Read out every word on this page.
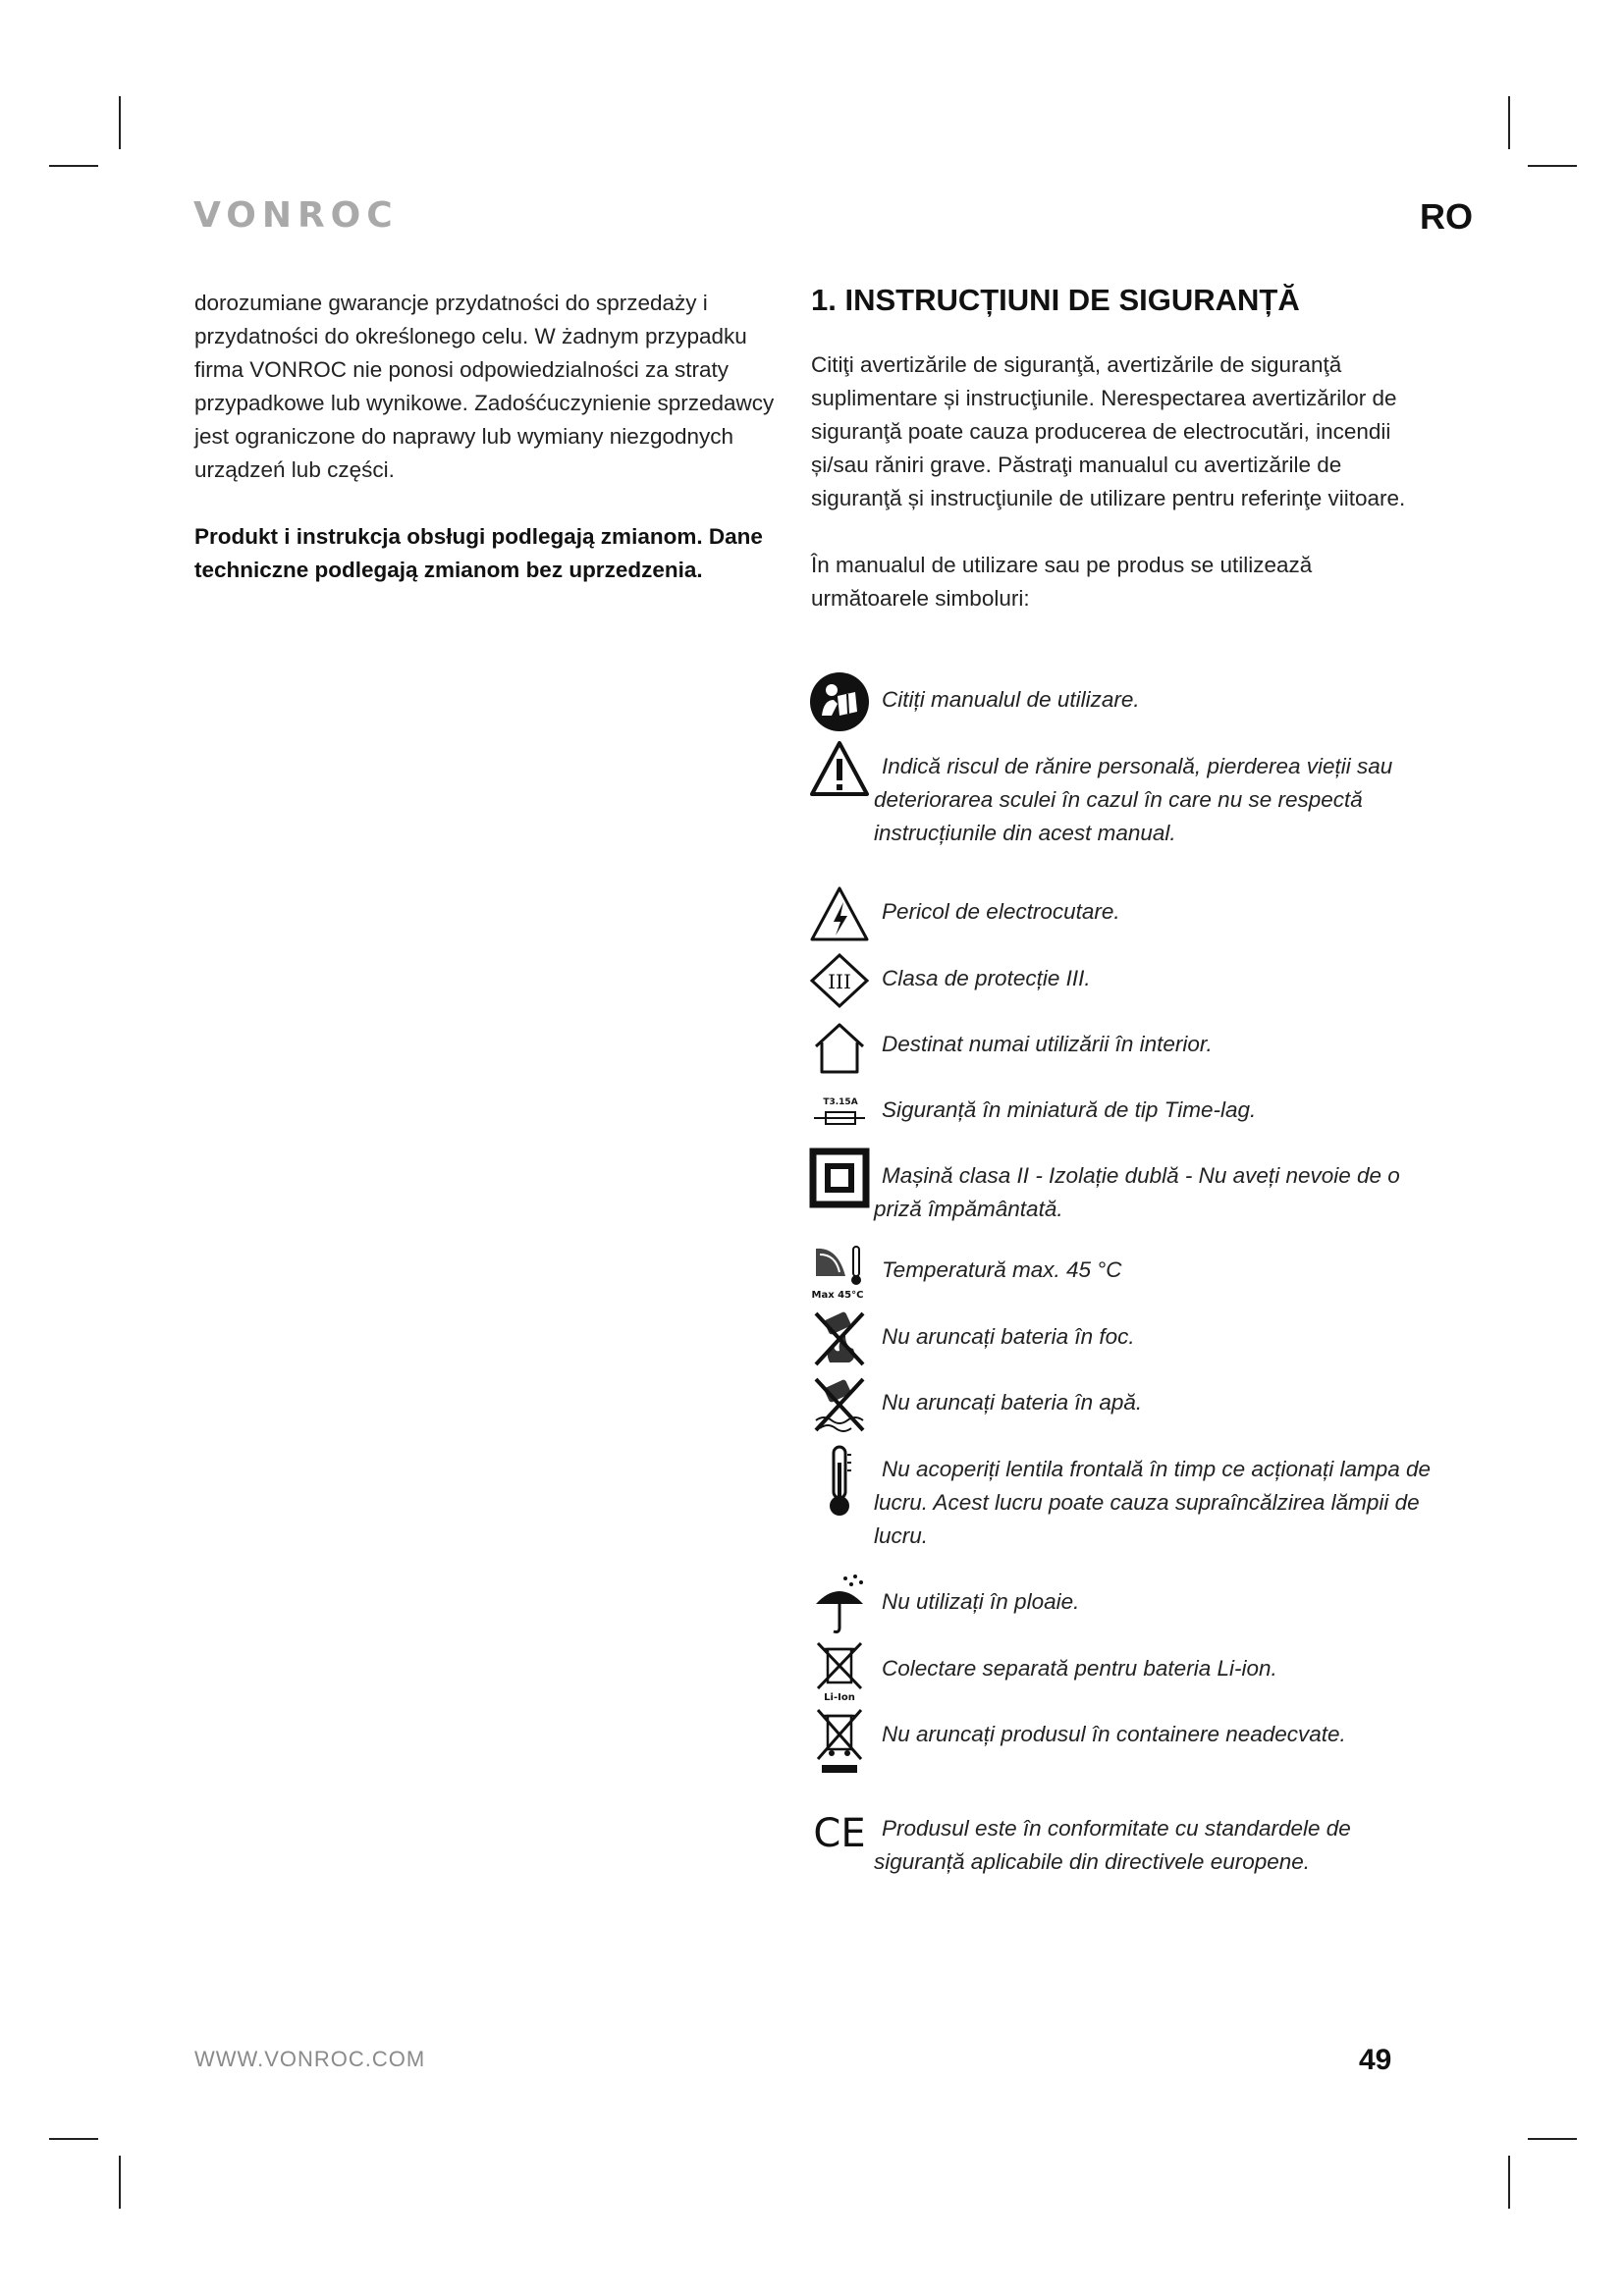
VONROC	RO

dorozumiane gwarancje przydatności do sprzedaży i przydatności do określonego celu. W żadnym przypadku firma VONROC nie ponosi odpowiedzialności za straty przypadkowe lub wynikowe. Zadośćuczynienie sprzedawcy jest ograniczone do naprawy lub wymiany niezgodnych urządzeń lub części.

Produkt i instrukcja obsługi podlegają zmianom. Dane techniczne podlegają zmianom bez uprzedzenia.

1. INSTRUCȚIUNI DE SIGURANȚĂ

Citiţi avertizările de siguranţă, avertizările de siguranţă suplimentare și instrucţiunile. Nerespectarea avertizărilor de siguranţă poate cauza producerea de electrocutări, incendii și/sau răniri grave. Păstraţi manualul cu avertizările de siguranţă și instrucţiunile de utilizare pentru referinţe viitoare.

În manualul de utilizare sau pe produs se utilizează următoarele simboluri:

Citiți manualul de utilizare.
Indică riscul de rănire personală, pierderea vieții sau deteriorarea sculei în cazul în care nu se respectă instrucțiunile din acest manual.
Pericol de electrocutare.
III	Clasa de protecție III.
Destinat numai utilizării în interior.
T3.15A	Siguranță în miniatură de tip Time-lag.
Mașină clasa II - Izolație dublă - Nu aveți nevoie de o priză împământată.
Max 45°C
Temperatură max. 45 °C
Nu aruncați bateria în foc.
Nu aruncați bateria în apă.
Nu acoperiți lentila frontală în timp ce acționați lampa de lucru. Acest lucru poate cauza supraîncălzirea lămpii de lucru.
Nu utilizați în ploaie.
Li-Ion
Colectare separată pentru bateria Li-ion.
Nu aruncați produsul în containere neadecvate.
CE Produsul este în conformitate cu standardele de siguranță aplicabile din directivele europene.
WWW.VONROC.COM	49
